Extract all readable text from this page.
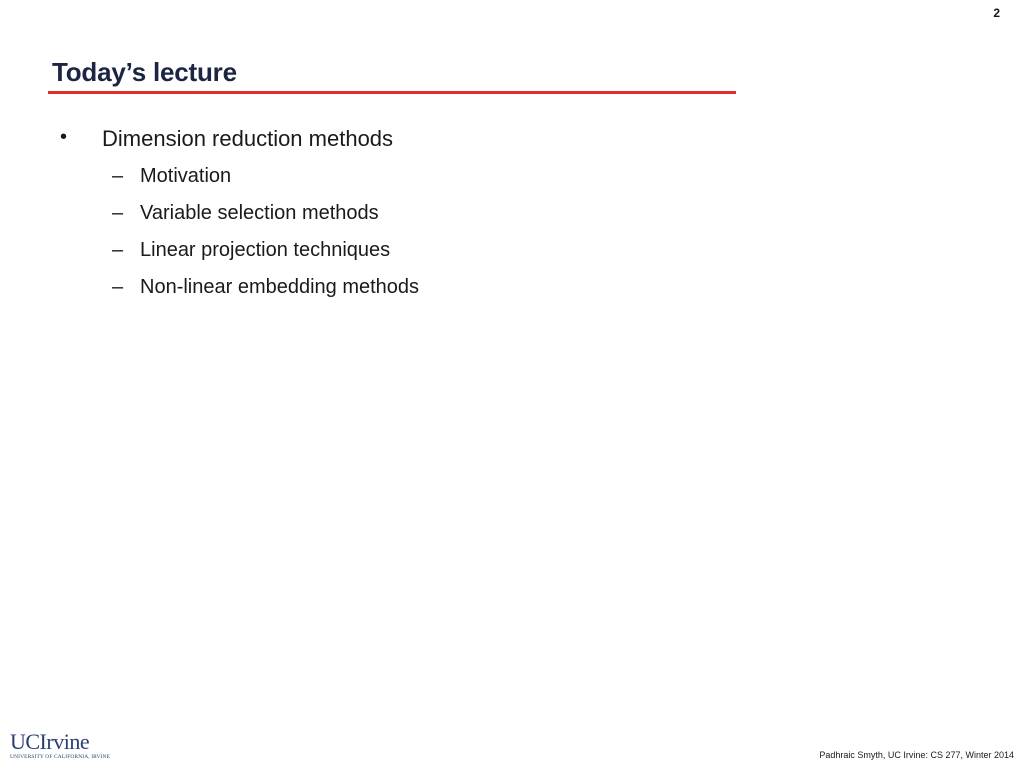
2
Today’s lecture
• Dimension reduction methods
– Motivation
– Variable selection methods
– Linear projection techniques
– Non-linear embedding methods
UCIrvine
UNIVERSITY OF CALIFORNIA, IRVINE	Padhraic Smyth, UC Irvine: CS 277, Winter 2014
